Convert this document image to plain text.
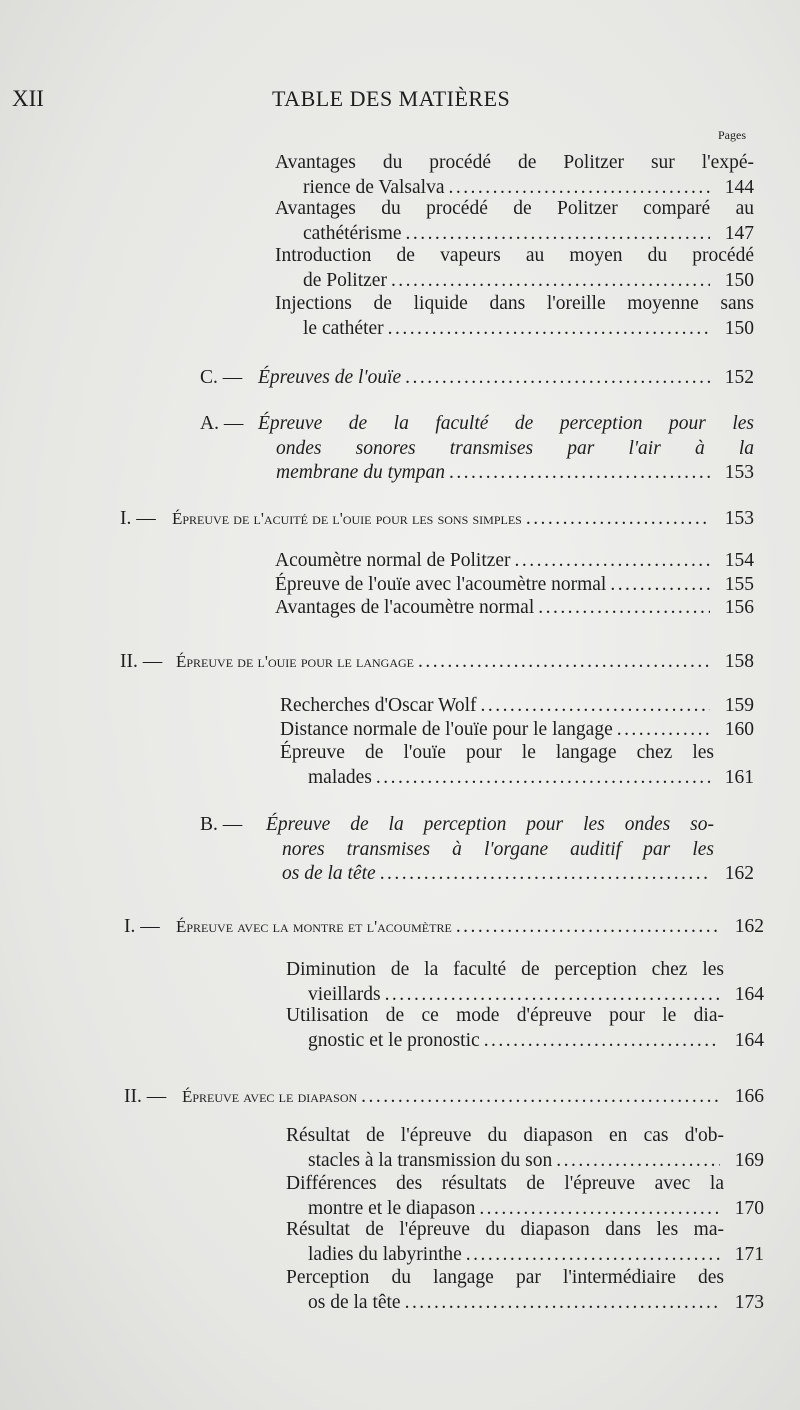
XII	TABLE DES MATIÈRES
Pages
Avantages du procédé de Politzer sur l'expé-
rience de Valsalva . . .	144
Avantages du procédé de Politzer comparé au
cathétérisme . . .	147
Introduction de vapeurs au moyen du procédé
de Politzer . . .	150
Injections de liquide dans l'oreille moyenne sans
le cathéter . . .	150
C. — Épreuves de l'ouïe . . .	152
A. — Épreuve de la faculté de perception pour les
ondes sonores transmises par l'air à la
membrane du tympan . . .	153
I. — Épreuve de l'acuité de l'ouie pour les sons simples . . .	153
Acoumètre normal de Politzer . . .	154
Épreuve de l'ouïe avec l'acoumètre normal . . .	155
Avantages de l'acoumètre normal . . .	156
II. — Épreuve de l'ouie pour le langage . . .	158
Recherches d'Oscar Wolf . . .	159
Distance normale de l'ouïe pour le langage . . .	160
Épreuve de l'ouïe pour le langage chez les
malades . . .	161
B. —	Épreuve de la perception pour les ondes so-
nores transmises à l'organe auditif par les
os de la tête . . .	162
I. — Épreuve avec la montre et l'acoumètre . . .	162
Diminution de la faculté de perception chez les
vieillards . . .	164
Utilisation de ce mode d'épreuve pour le dia-
gnostic et le pronostic . . .	164
II. — Épreuve avec le diapason . . .	166
Résultat de l'épreuve du diapason en cas d'ob-
stacles à la transmission du son . . .	169
Différences des résultats de l'épreuve avec la
montre et le diapason . . .	170
Résultat de l'épreuve du diapason dans les ma-
ladies du labyrinthe . . .	171
Perception du langage par l'intermédiaire des
os de la tête . . .	173
